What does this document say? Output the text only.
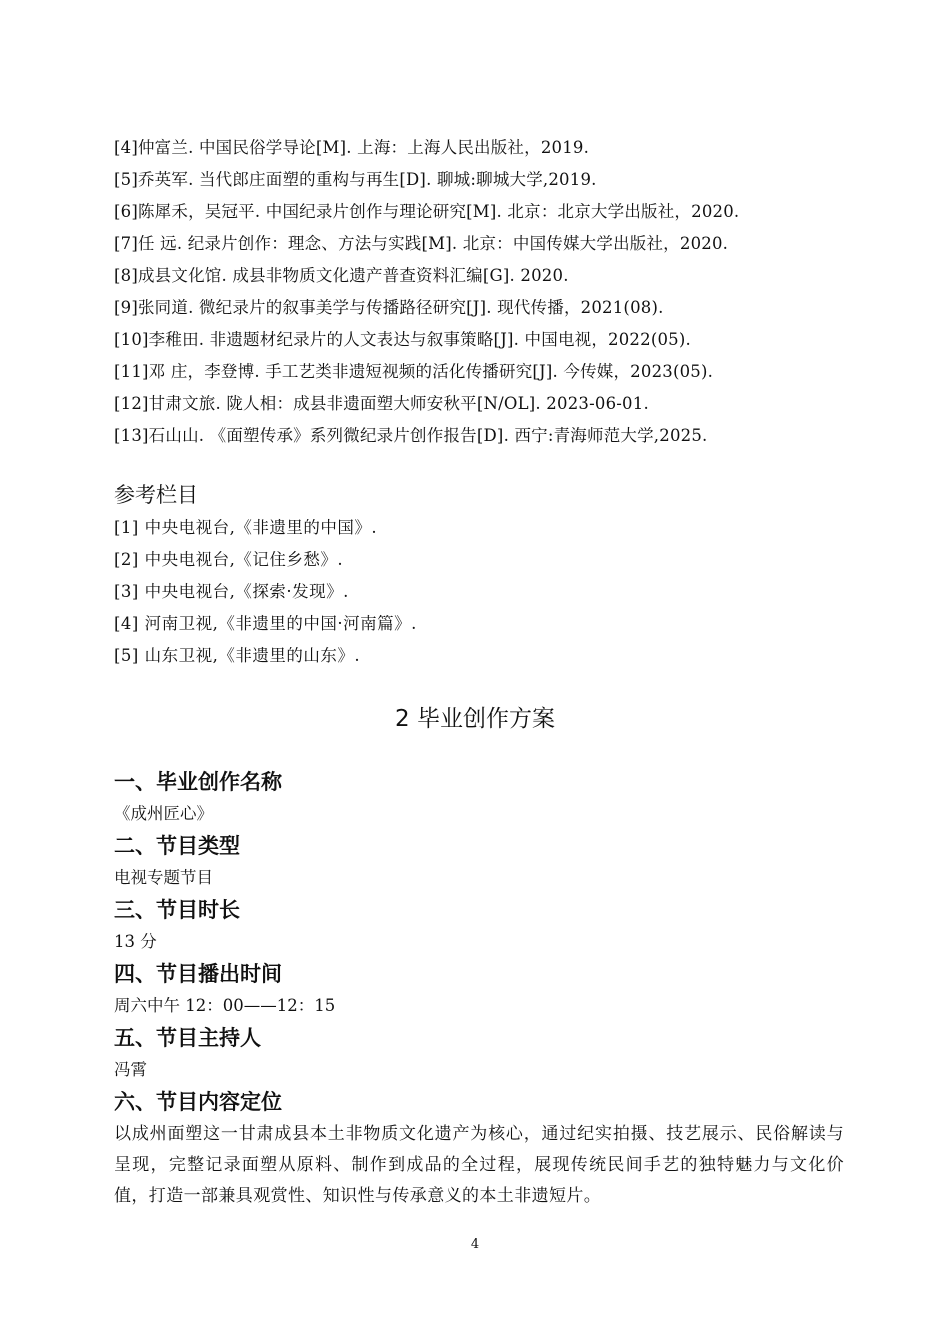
[4]仲富兰. 中国民俗学导论[M]. 上海：上海人民出版社，2019.
[5]乔英军. 当代郎庄面塑的重构与再生[D]. 聊城:聊城大学,2019.
[6]陈犀禾，吴冠平. 中国纪录片创作与理论研究[M]. 北京：北京大学出版社，2020.
[7]任 远. 纪录片创作：理念、方法与实践[M]. 北京：中国传媒大学出版社，2020.
[8]成县文化馆. 成县非物质文化遗产普查资料汇编[G]. 2020.
[9]张同道. 微纪录片的叙事美学与传播路径研究[J]. 现代传播，2021(08).
[10]李稚田. 非遗题材纪录片的人文表达与叙事策略[J]. 中国电视，2022(05).
[11]邓 庄，李登博. 手工艺类非遗短视频的活化传播研究[J]. 今传媒，2023(05).
[12]甘肃文旅. 陇人相：成县非遗面塑大师安秋平[N/OL]. 2023-06-01.
[13]石山山. 《面塑传承》系列微纪录片创作报告[D]. 西宁:青海师范大学,2025.
参考栏目
[1] 中央电视台,《非遗里的中国》.
[2] 中央电视台,《记住乡愁》.
[3] 中央电视台,《探索·发现》.
[4] 河南卫视,《非遗里的中国·河南篇》.
[5] 山东卫视,《非遗里的山东》.
2 毕业创作方案
一、毕业创作名称
《成州匠心》
二、节目类型
电视专题节目
三、节目时长
13 分
四、节目播出时间
周六中午 12：00——12：15
五、节目主持人
冯霄
六、节目内容定位
以成州面塑这一甘肃成县本土非物质文化遗产为核心，通过纪实拍摄、技艺展示、民俗解读与呈现，完整记录面塑从原料、制作到成品的全过程，展现传统民间手艺的独特魅力与文化价值，打造一部兼具观赏性、知识性与传承意义的本土非遗短片。
4
